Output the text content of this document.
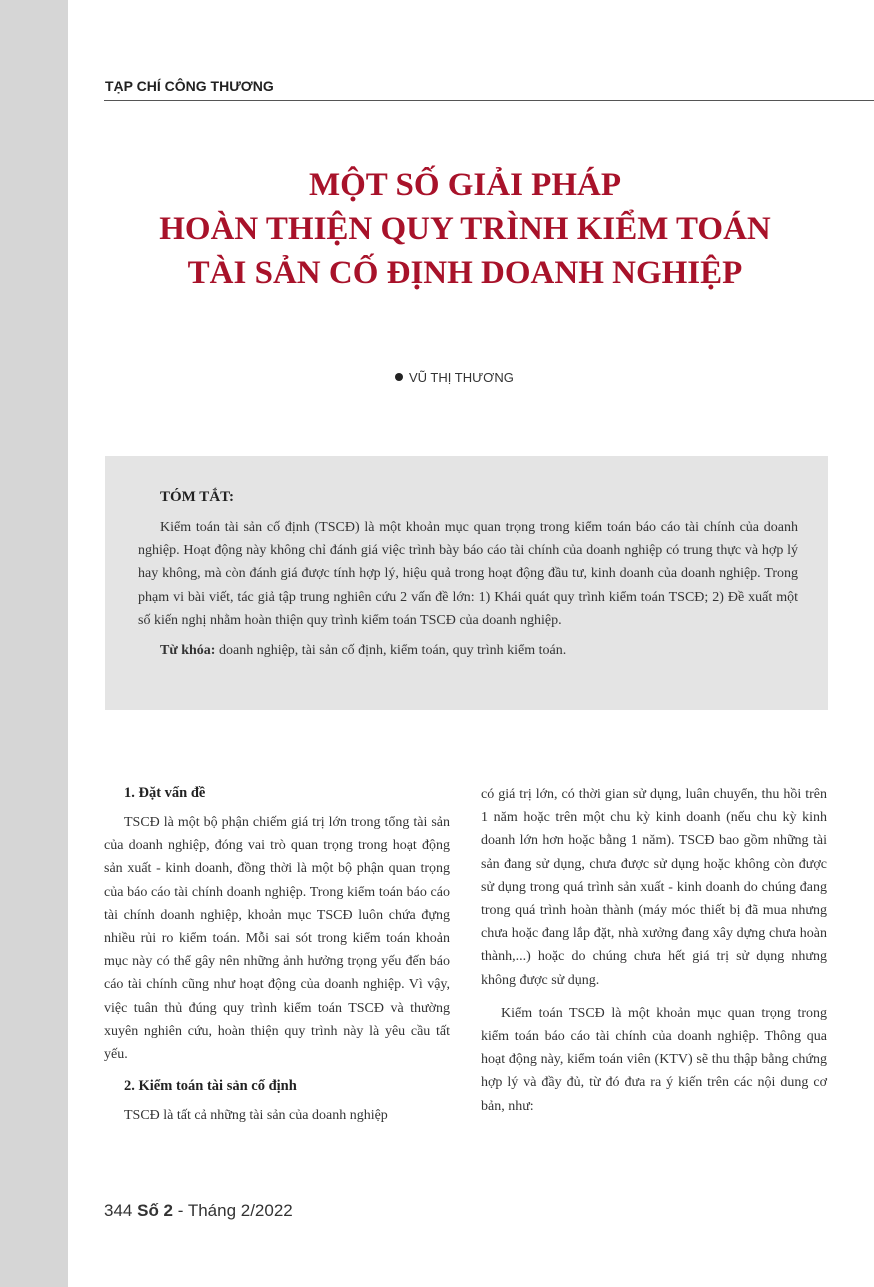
TẠP CHÍ CÔNG THƯƠNG
MỘT SỐ GIẢI PHÁP
HOÀN THIỆN QUY TRÌNH KIỂM TOÁN
TÀI SẢN CỐ ĐỊNH DOANH NGHIỆP
VŨ THỊ THƯƠNG
TÓM TẮT:

Kiểm toán tài sản cố định (TSCĐ) là một khoản mục quan trọng trong kiểm toán báo cáo tài chính của doanh nghiệp. Hoạt động này không chỉ đánh giá việc trình bày báo cáo tài chính của doanh nghiệp có trung thực và hợp lý hay không, mà còn đánh giá được tính hợp lý, hiệu quả trong hoạt động đầu tư, kinh doanh của doanh nghiệp. Trong phạm vi bài viết, tác giả tập trung nghiên cứu 2 vấn đề lớn: 1) Khái quát quy trình kiểm toán TSCĐ; 2) Đề xuất một số kiến nghị nhằm hoàn thiện quy trình kiểm toán TSCĐ của doanh nghiệp.

Từ khóa: doanh nghiệp, tài sản cố định, kiểm toán, quy trình kiểm toán.

1. Đặt vấn đề

TSCĐ là một bộ phận chiếm giá trị lớn trong tổng tài sản của doanh nghiệp, đóng vai trò quan trọng trong hoạt động sản xuất - kinh doanh, đồng thời là một bộ phận quan trọng của báo cáo tài chính doanh nghiệp. Trong kiểm toán báo cáo tài chính doanh nghiệp, khoản mục TSCĐ luôn chứa đựng nhiều rủi ro kiểm toán. Mỗi sai sót trong kiểm toán khoản mục này có thể gây nên những ảnh hưởng trọng yếu đến báo cáo tài chính cũng như hoạt động của doanh nghiệp. Vì vậy, việc tuân thủ đúng quy trình kiểm toán TSCĐ và thường xuyên nghiên cứu, hoàn thiện quy trình này là yêu cầu tất yếu.

2. Kiểm toán tài sản cố định

TSCĐ là tất cả những tài sản của doanh nghiệp

có giá trị lớn, có thời gian sử dụng, luân chuyển, thu hồi trên 1 năm hoặc trên một chu kỳ kinh doanh (nếu chu kỳ kinh doanh lớn hơn hoặc bằng 1 năm). TSCĐ bao gồm những tài sản đang sử dụng, chưa được sử dụng hoặc không còn được sử dụng trong quá trình sản xuất - kinh doanh do chúng đang trong quá trình hoàn thành (máy móc thiết bị đã mua nhưng chưa hoặc đang lắp đặt, nhà xưởng đang xây dựng chưa hoàn thành,...) hoặc do chúng chưa hết giá trị sử dụng nhưng không được sử dụng.

Kiểm toán TSCĐ là một khoản mục quan trọng trong kiểm toán báo cáo tài chính của doanh nghiệp. Thông qua hoạt động này, kiểm toán viên (KTV) sẽ thu thập bằng chứng hợp lý và đầy đủ, từ đó đưa ra ý kiến trên các nội dung cơ bản, như:

344 Số 2 - Tháng 2/2022
